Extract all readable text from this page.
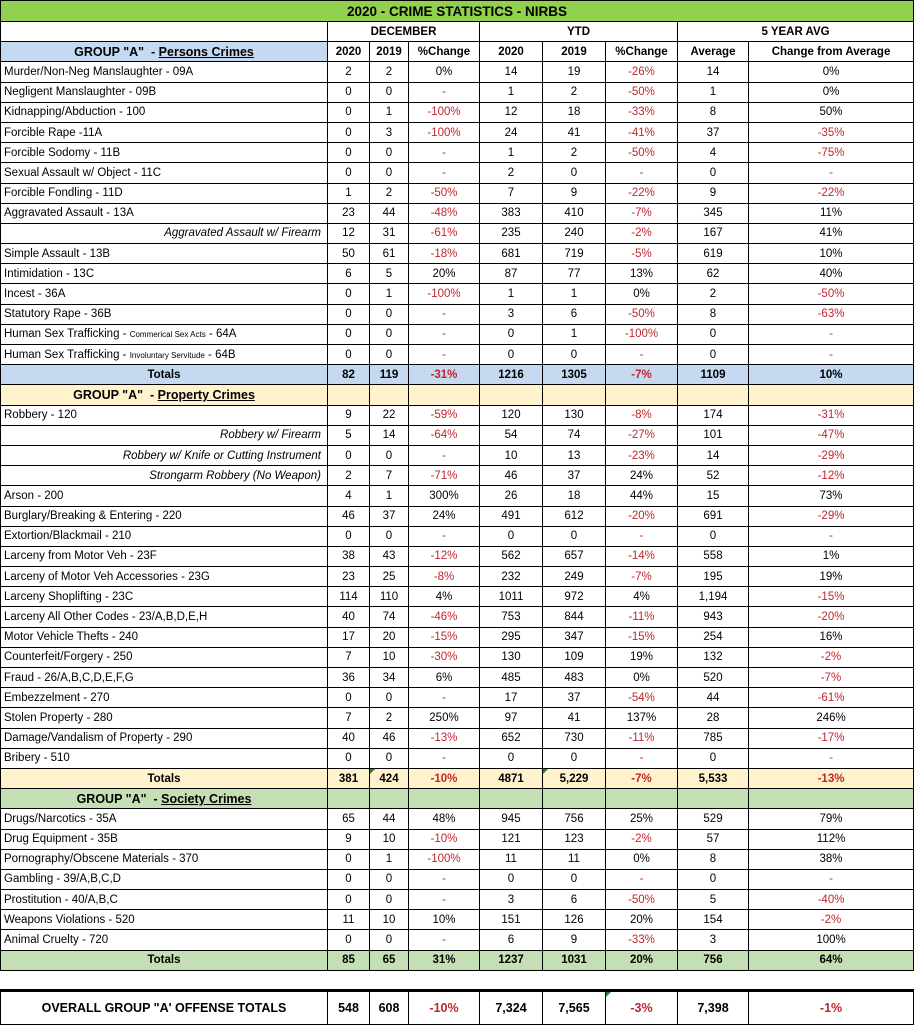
2020 - CRIME STATISTICS - NIRBS								
	DECEMBER			YTD			5 YEAR AVG	
GROUP "A"  - Persons Crimes	2020	2019	%Change	2020	2019	%Change	Average	Change from Average
Murder/Non-Neg Manslaughter - 09A	2	2	0%	14	19	-26%	14	0%
Negligent Manslaughter - 09B	0	0	-	1	2	-50%	1	0%
Kidnapping/Abduction - 100	0	1	-100%	12	18	-33%	8	50%
Forcible Rape -11A	0	3	-100%	24	41	-41%	37	-35%
Forcible Sodomy - 11B	0	0	-	1	2	-50%	4	-75%
Sexual Assault w/ Object - 11C	0	0	-	2	0	-	0	-
Forcible Fondling - 11D	1	2	-50%	7	9	-22%	9	-22%
Aggravated Assault - 13A	23	44	-48%	383	410	-7%	345	11%
Aggravated Assault w/ Firearm	12	31	-61%	235	240	-2%	167	41%
Simple Assault - 13B	50	61	-18%	681	719	-5%	619	10%
Intimidation - 13C	6	5	20%	87	77	13%	62	40%
Incest - 36A	0	1	-100%	1	1	0%	2	-50%
Statutory Rape - 36B	0	0	-	3	6	-50%	8	-63%
Human Sex Trafficking - Commerical Sex Acts - 64A	0	0	-	0	1	-100%	0	-
Human Sex Trafficking - Involuntary Servitude - 64B	0	0	-	0	0	-	0	-
Totals	82	119	-31%	1216	1305	-7%	1109	10%
GROUP "A"  - Property Crimes								
Robbery - 120	9	22	-59%	120	130	-8%	174	-31%
Robbery w/ Firearm	5	14	-64%	54	74	-27%	101	-47%
Robbery w/ Knife or Cutting Instrument	0	0	-	10	13	-23%	14	-29%
Strongarm Robbery (No Weapon)	2	7	-71%	46	37	24%	52	-12%
Arson - 200	4	1	300%	26	18	44%	15	73%
Burglary/Breaking & Entering - 220	46	37	24%	491	612	-20%	691	-29%
Extortion/Blackmail - 210	0	0	-	0	0	-	0	-
Larceny from Motor Veh - 23F	38	43	-12%	562	657	-14%	558	1%
Larceny of Motor Veh Accessories - 23G	23	25	-8%	232	249	-7%	195	19%
Larceny Shoplifting - 23C	114	110	4%	1011	972	4%	1,194	-15%
Larceny All Other Codes - 23/A,B,D,E,H	40	74	-46%	753	844	-11%	943	-20%
Motor Vehicle Thefts - 240	17	20	-15%	295	347	-15%	254	16%
Counterfeit/Forgery - 250	7	10	-30%	130	109	19%	132	-2%
Fraud - 26/A,B,C,D,E,F,G	36	34	6%	485	483	0%	520	-7%
Embezzelment - 270	0	0	-	17	37	-54%	44	-61%
Stolen Property - 280	7	2	250%	97	41	137%	28	246%
Damage/Vandalism of Property - 290	40	46	-13%	652	730	-11%	785	-17%
Bribery - 510	0	0	-	0	0	-	0	-
Totals	381	424	-10%	4871	5,229	-7%	5,533	-13%
GROUP "A"  - Society Crimes								
Drugs/Narcotics - 35A	65	44	48%	945	756	25%	529	79%
Drug Equipment - 35B	9	10	-10%	121	123	-2%	57	112%
Pornography/Obscene Materials - 370	0	1	-100%	11	11	0%	8	38%
Gambling - 39/A,B,C,D	0	0	-	0	0	-	0	-
Prostitution - 40/A,B,C	0	0	-	3	6	-50%	5	-40%
Weapons Violations - 520	11	10	10%	151	126	20%	154	-2%
Animal Cruelty - 720	0	0	-	6	9	-33%	3	100%
Totals	85	65	31%	1237	1031	20%	756	64%

OVERALL GROUP "A' OFFENSE TOTALS	548	608	-10%	7,324	7,565	-3%	7,398	-1%
